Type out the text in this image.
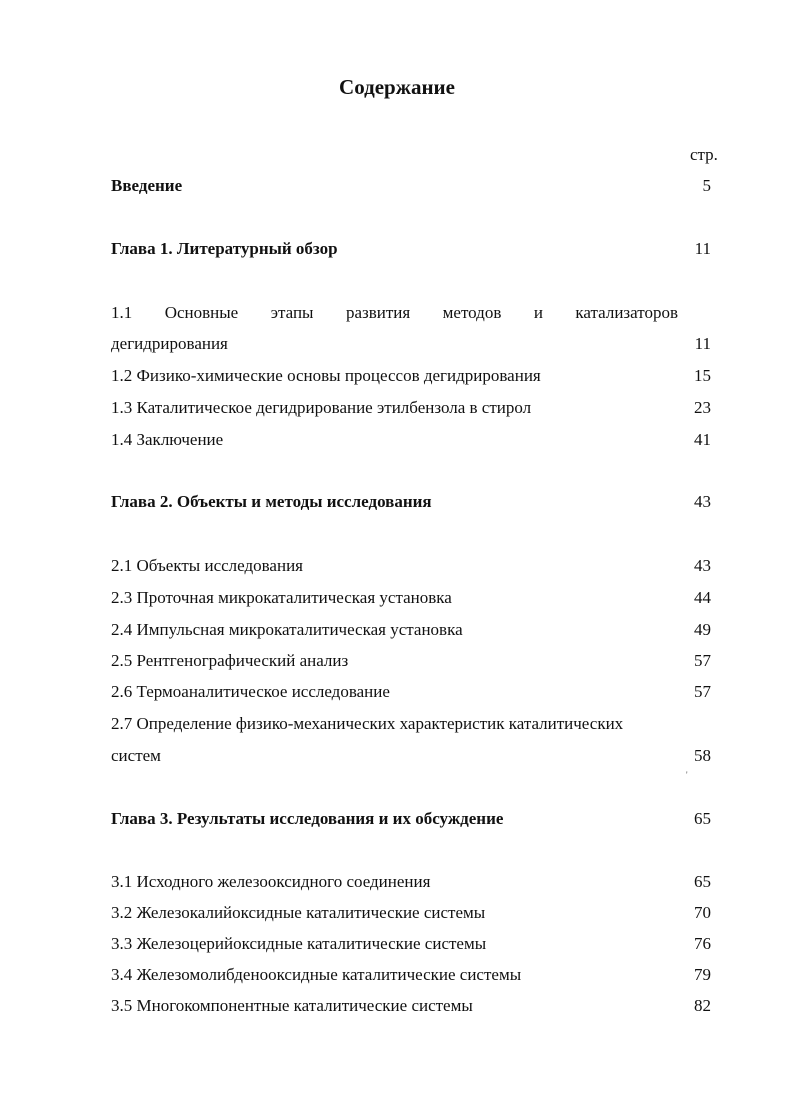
Содержание
стр.
Введение	5
Глава 1. Литературный обзор	11
1.1 Основные этапы развития методов и катализаторов
дегидрирования	11
1.2 Физико-химические основы процессов дегидрирования	15
1.3 Каталитическое дегидрирование этилбензола в стирол	23
1.4 Заключение	41
Глава 2. Объекты и методы исследования	43
2.1 Объекты исследования	43
2.3 Проточная микрокаталитическая установка	44
2.4 Импульсная микрокаталитическая установка	49
2.5 Рентгенографический анализ	57
2.6 Термоаналитическое исследование	57
2.7 Определение физико-механических характеристик каталитических
систем	58
'
Глава 3. Результаты исследования и их обсуждение	65
3.1 Исходного железооксидного соединения	65
3.2 Железокалийоксидные каталитические системы	70
3.3 Железоцерийоксидные каталитические системы	76
3.4 Железомолибденооксидные каталитические системы	79
3.5 Многокомпонентные каталитические системы	82
